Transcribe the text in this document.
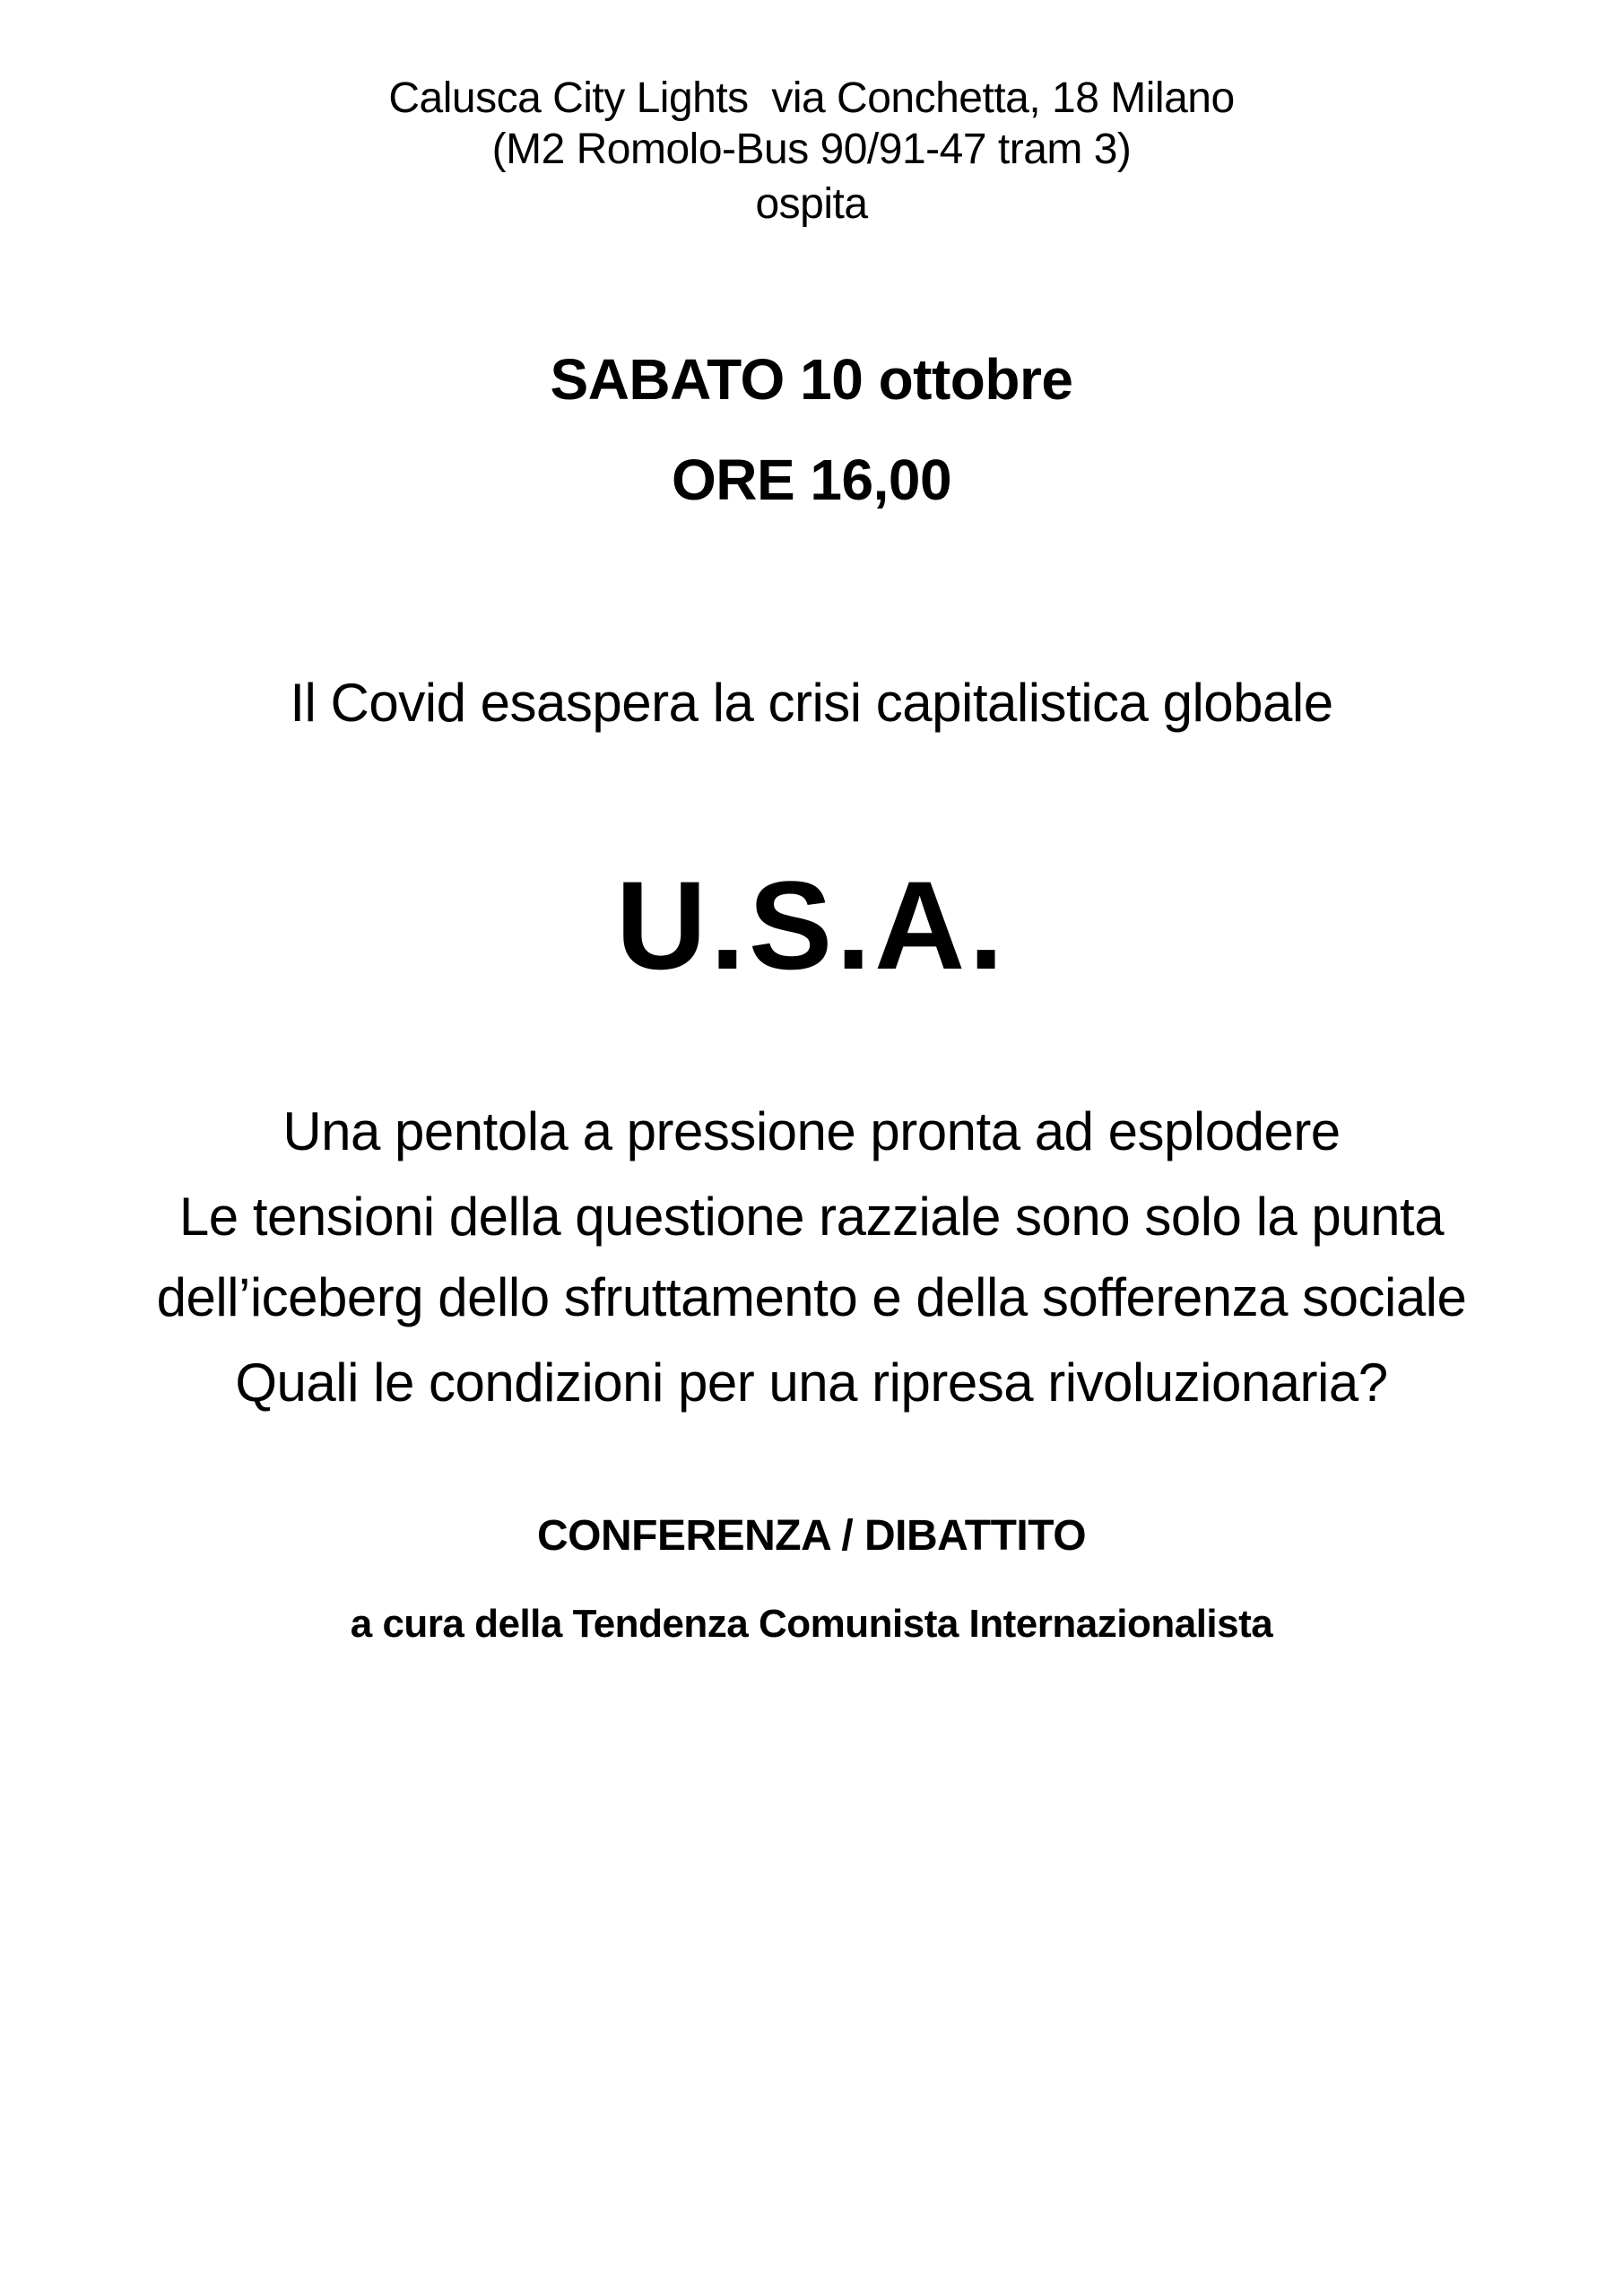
Calusca City Lights  via Conchetta, 18 Milano
(M2 Romolo-Bus 90/91-47 tram 3)
ospita
SABATO 10 ottobre
ORE 16,00
Il Covid esaspera la crisi capitalistica globale
U.S.A.
Una pentola a pressione pronta ad esplodere
Le tensioni della questione razziale sono solo la punta
dell’iceberg dello sfruttamento e della sofferenza sociale
Quali le condizioni per una ripresa rivoluzionaria?
CONFERENZA / DIBATTITO
a cura della Tendenza Comunista Internazionalista
